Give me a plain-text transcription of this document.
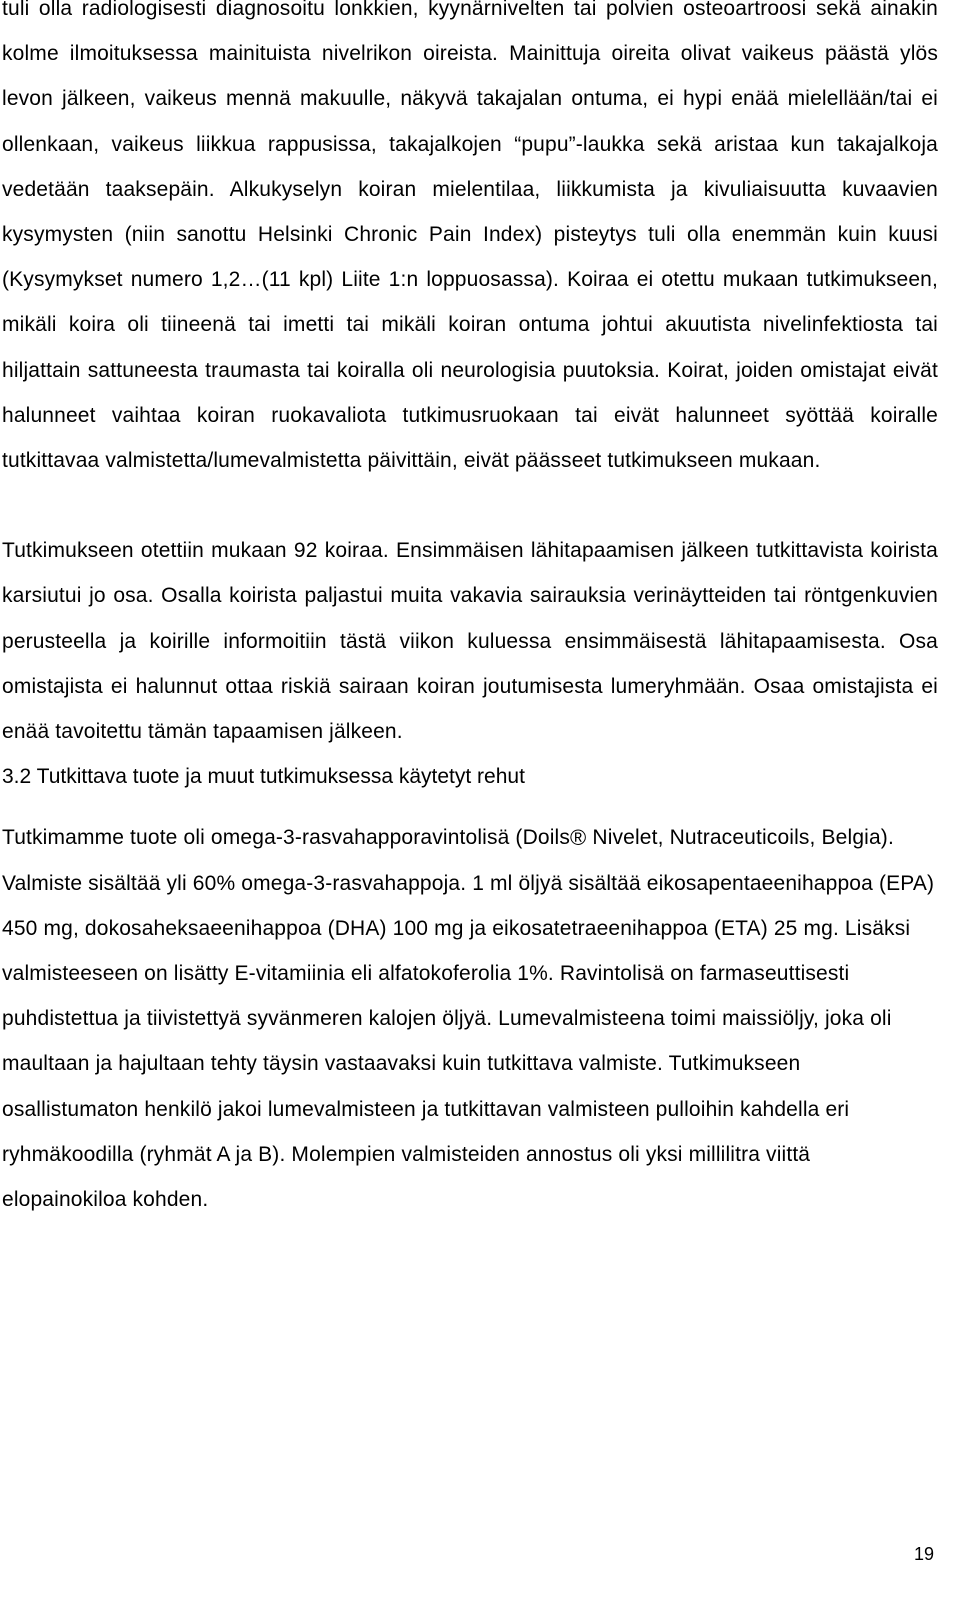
tuli olla radiologisesti diagnosoitu lonkkien, kyynärnivelten tai polvien osteoartroosi sekä ainakin kolme ilmoituksessa mainituista nivelrikon oireista. Mainittuja oireita olivat vaikeus päästä ylös levon jälkeen, vaikeus mennä makuulle, näkyvä takajalan ontuma, ei hypi enää mielellään/tai ei ollenkaan, vaikeus liikkua rappusissa, takajalkojen “pupu”-laukka sekä aristaa kun takajalkoja vedetään taaksepäin. Alkukyselyn koiran mielentilaa, liikkumista ja kivuliaisuutta kuvaavien kysymysten (niin sanottu Helsinki Chronic Pain Index) pisteytys tuli olla enemmän kuin kuusi (Kysymykset numero 1,2…(11 kpl) Liite 1:n loppuosassa). Koiraa ei otettu mukaan tutkimukseen, mikäli koira oli tiineenä tai imetti tai mikäli koiran ontuma johtui akuutista nivelinfektiosta tai hiljattain sattuneesta traumasta tai koiralla oli neurologisia puutoksia. Koirat, joiden omistajat eivät halunneet vaihtaa koiran ruokavaliota tutkimusruokaan tai eivät halunneet syöttää koiralle tutkittavaa valmistetta/lumevalmistetta päivittäin, eivät päässeet tutkimukseen mukaan.

Tutkimukseen otettiin mukaan 92 koiraa. Ensimmäisen lähitapaamisen jälkeen tutkittavista koirista karsiutui jo osa. Osalla koirista paljastui muita vakavia sairauksia verinäytteiden tai röntgenkuvien perusteella ja koirille informoitiin tästä viikon kuluessa ensimmäisestä lähitapaamisesta. Osa omistajista ei halunnut ottaa riskiä sairaan koiran joutumisesta lumeryhmään. Osaa omistajista ei enää tavoitettu tämän tapaamisen jälkeen.

3.2 Tutkittava tuote ja muut tutkimuksessa käytetyt rehut

Tutkimamme tuote oli omega-3-rasvahapporavintolisä (Doils® Nivelet, Nutraceuticoils, Belgia). Valmiste sisältää yli 60% omega-3-rasvahappoja. 1 ml öljyä sisältää eikosapentaeenihappoa (EPA) 450 mg, dokosaheksaeenihappoa (DHA) 100 mg ja eikosatetraeenihappoa (ETA) 25 mg. Lisäksi valmisteeseen on lisätty E-vitamiinia eli alfatokoferolia 1%. Ravintolisä on farmaseuttisesti puhdistettua ja tiivistettyä syvänmeren kalojen öljyä. Lumevalmisteena toimi maissiöljy, joka oli maultaan ja hajultaan tehty täysin vastaavaksi kuin tutkittava valmiste. Tutkimukseen osallistumaton henkilö jakoi lumevalmisteen ja tutkittavan valmisteen pulloihin kahdella eri ryhmäkoodilla (ryhmät A ja B). Molempien valmisteiden annostus oli yksi millilitra viittä elopainokiloa kohden.

19
